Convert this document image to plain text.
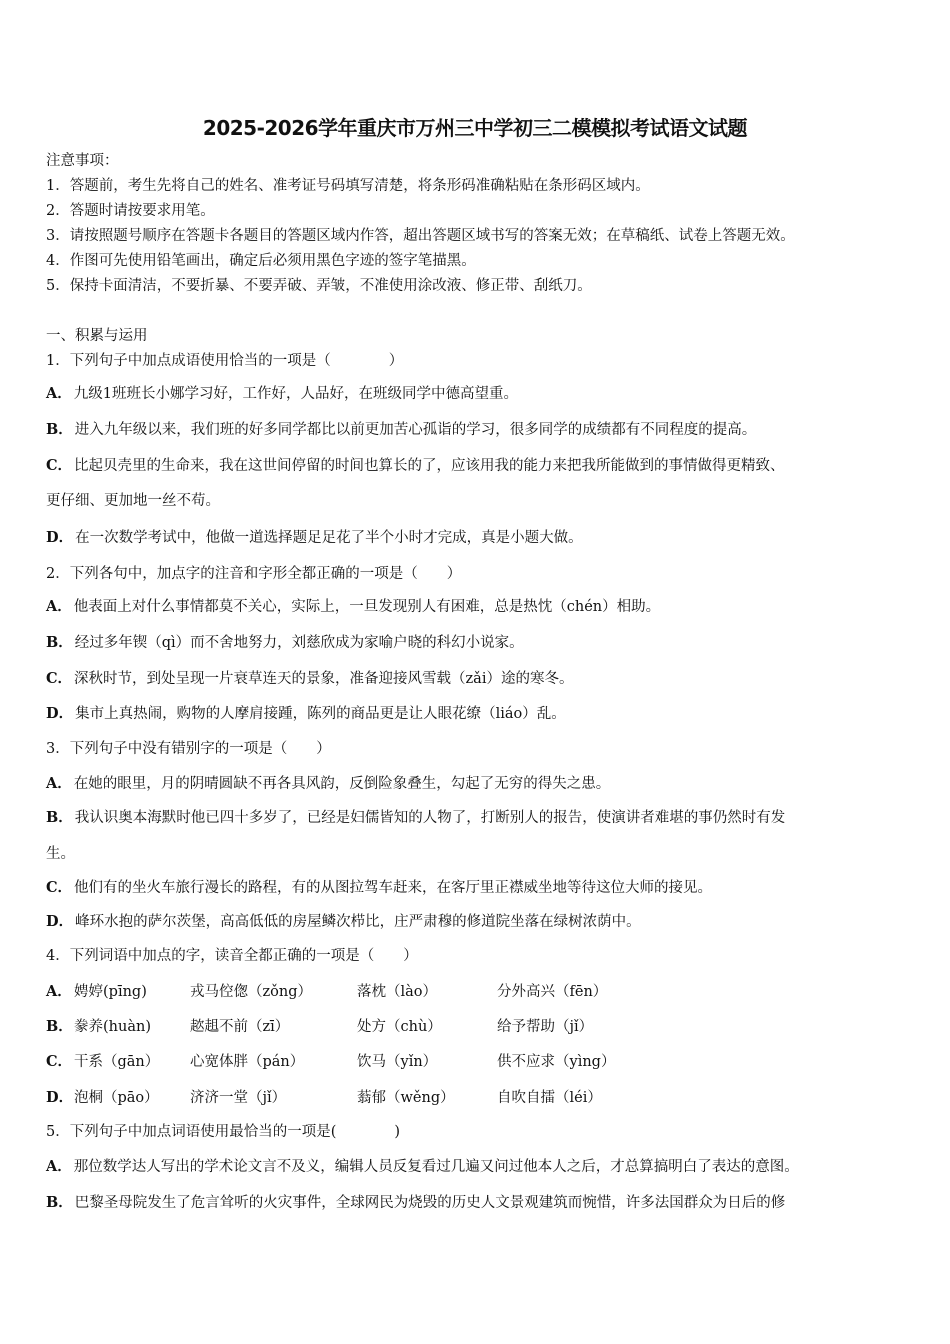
2025-2026学年重庆市万州三中学初三二模模拟考试语文试题
注意事项：
1．答题前，考生先将自己的姓名、准考证号码填写清楚，将条形码准确粘贴在条形码区域内。
2．答题时请按要求用笔。
3．请按照题号顺序在答题卡各题目的答题区域内作答，超出答题区域书写的答案无效；在草稿纸、试卷上答题无效。
4．作图可先使用铅笔画出，确定后必须用黑色字迹的签字笔描黑。
5．保持卡面清洁，不要折暴、不要弄破、弄皱，不准使用涂改液、修正带、刮纸刀。
一、积累与运用
1．下列句子中加点成语使用恰当的一项是（　　　　）
A． 九级1班班长小娜学习好，工作好，人品好，在班级同学中德高望重。
B． 进入九年级以来，我们班的好多同学都比以前更加苦心孤诣的学习，很多同学的成绩都有不同程度的提高。
C． 比起贝壳里的生命来，我在这世间停留的时间也算长的了，应该用我的能力来把我所能做到的事情做得更精致、
更仔细、更加地一丝不苟。
D． 在一次数学考试中，他做一道选择题足足花了半个小时才完成，真是小题大做。
2．下列各句中，加点字的注音和字形全都正确的一项是（　　）
A． 他表面上对什么事情都莫不关心，实际上，一旦发现别人有困难，总是热忱（chén）相助。
B． 经过多年锲（qì）而不舍地努力，刘慈欣成为家喻户晓的科幻小说家。
C． 深秋时节，到处呈现一片衰草连天的景象，准备迎接风雪载（zǎi）途的寒冬。
D． 集市上真热闹，购物的人摩肩接踵，陈列的商品更是让人眼花缭（liáo）乱。
3．下列句子中没有错别字的一项是（　　）
A． 在她的眼里，月的阴晴圆缺不再各具风韵，反倒险象叠生，勾起了无穷的得失之患。
B． 我认识奥本海默时他已四十多岁了，已经是妇儒皆知的人物了，打断别人的报告，使演讲者难堪的事仍然时有发
生。
C． 他们有的坐火车旅行漫长的路程，有的从图拉驾车赶来，在客厅里正襟威坐地等待这位大师的接见。
D． 峰环水抱的萨尔茨堡，高高低低的房屋鳞次栉比，庄严肃穆的修道院坐落在绿树浓荫中。
4．下列词语中加点的字，读音全都正确的一项是（　　）
A． 娉婷(pīng)	戎马倥偬（zǒng）	落枕（lào）	分外高兴（fēn）
B． 豢养(huàn)	趑趄不前（zī）	处方（chù）	给予帮助（jǐ）
C． 干系（gān） 心宽体胖（pán）	饮马（yǐn）	供不应求（yìng）
D． 泡桐（pāo） 济济一堂（jǐ）	蓊郁（wěng）	自吹自擂（léi）
5．下列句子中加点词语使用最恰当的一项是(　　　　)
A． 那位数学达人写出的学术论文言不及义，编辑人员反复看过几遍又问过他本人之后，才总算搞明白了表达的意图。
B． 巴黎圣母院发生了危言耸听的火灾事件，全球网民为烧毁的历史人文景观建筑而惋惜，许多法国群众为日后的修
